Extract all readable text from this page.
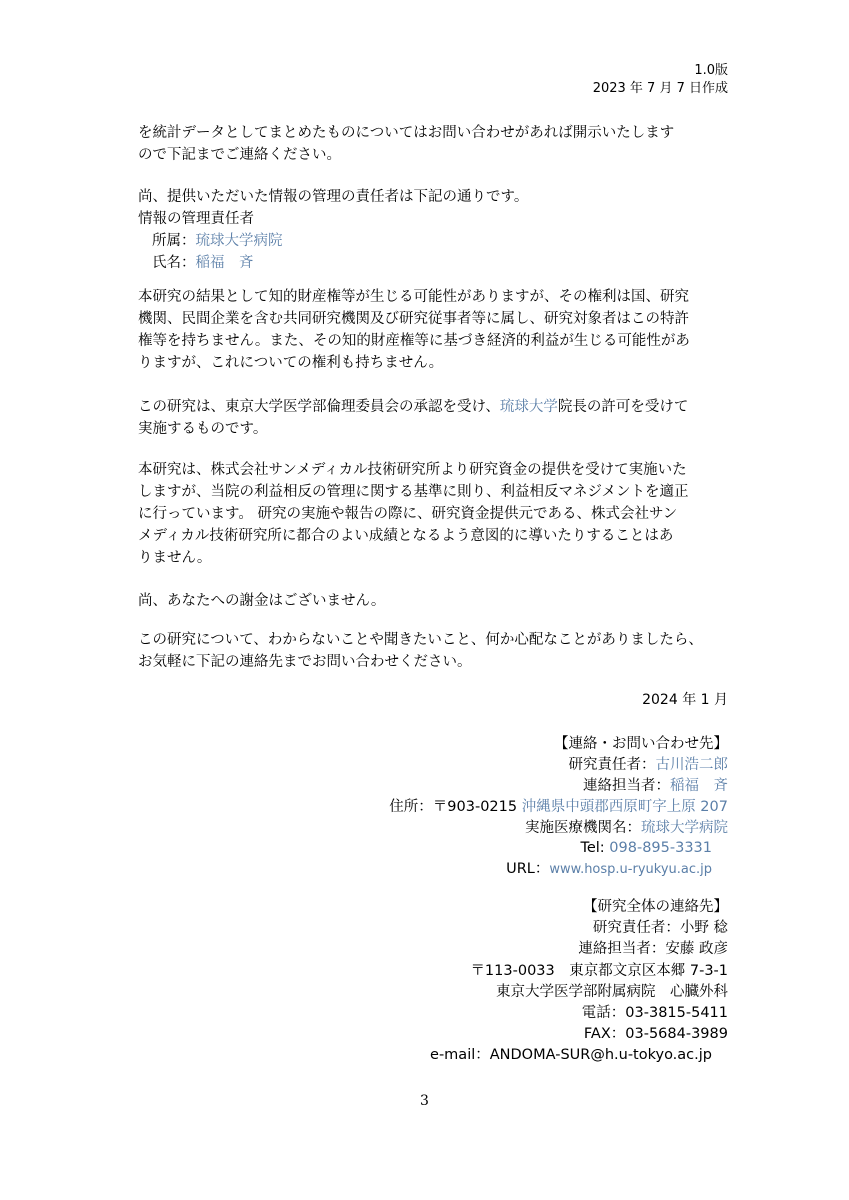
1.0版
2023 年 7 月 7 日作成
を統計データとしてまとめたものについてはお問い合わせがあれば開示いたします
ので下記までご連絡ください。
尚、提供いただいた情報の管理の責任者は下記の通りです。
情報の管理責任者
所属：琉球大学病院
氏名：稲福　斉
本研究の結果として知的財産権等が生じる可能性がありますが、その権利は国、研究
機関、民間企業を含む共同研究機関及び研究従事者等に属し、研究対象者はこの特許
権等を持ちません。また、その知的財産権等に基づき経済的利益が生じる可能性があ
りますが、これについての権利も持ちません。
この研究は、東京大学医学部倫理委員会の承認を受け、琉球大学院長の許可を受けて
実施するものです。
本研究は、株式会社サンメディカル技術研究所より研究資金の提供を受けて実施いた
しますが、当院の利益相反の管理に関する基準に則り、利益相反マネジメントを適正
に行っています。 研究の実施や報告の際に、研究資金提供元である、株式会社サン
メディカル技術研究所に都合のよい成績となるよう意図的に導いたりすることはあ
りません。
尚、あなたへの謝金はございません。
この研究について、わからないことや聞きたいこと、何か心配なことがありましたら、
お気軽に下記の連絡先までお問い合わせください。
2024 年 1 月
【連絡・お問い合わせ先】
研究責任者：古川浩二郎
連絡担当者：稲福　斉
住所：〒903-0215 沖縄県中頭郡西原町字上原 207
実施医療機関名：琉球大学病院
Tel: 098-895-3331
URL：www.hosp.u-ryukyu.ac.jp
【研究全体の連絡先】
研究責任者：小野 稔
連絡担当者：安藤 政彦
〒113-0033　東京都文京区本郷 7-3-1
東京大学医学部附属病院　心臓外科
電話：03-3815-5411
FAX：03-5684-3989
e-mail：ANDOMA-SUR@h.u-tokyo.ac.jp
3
